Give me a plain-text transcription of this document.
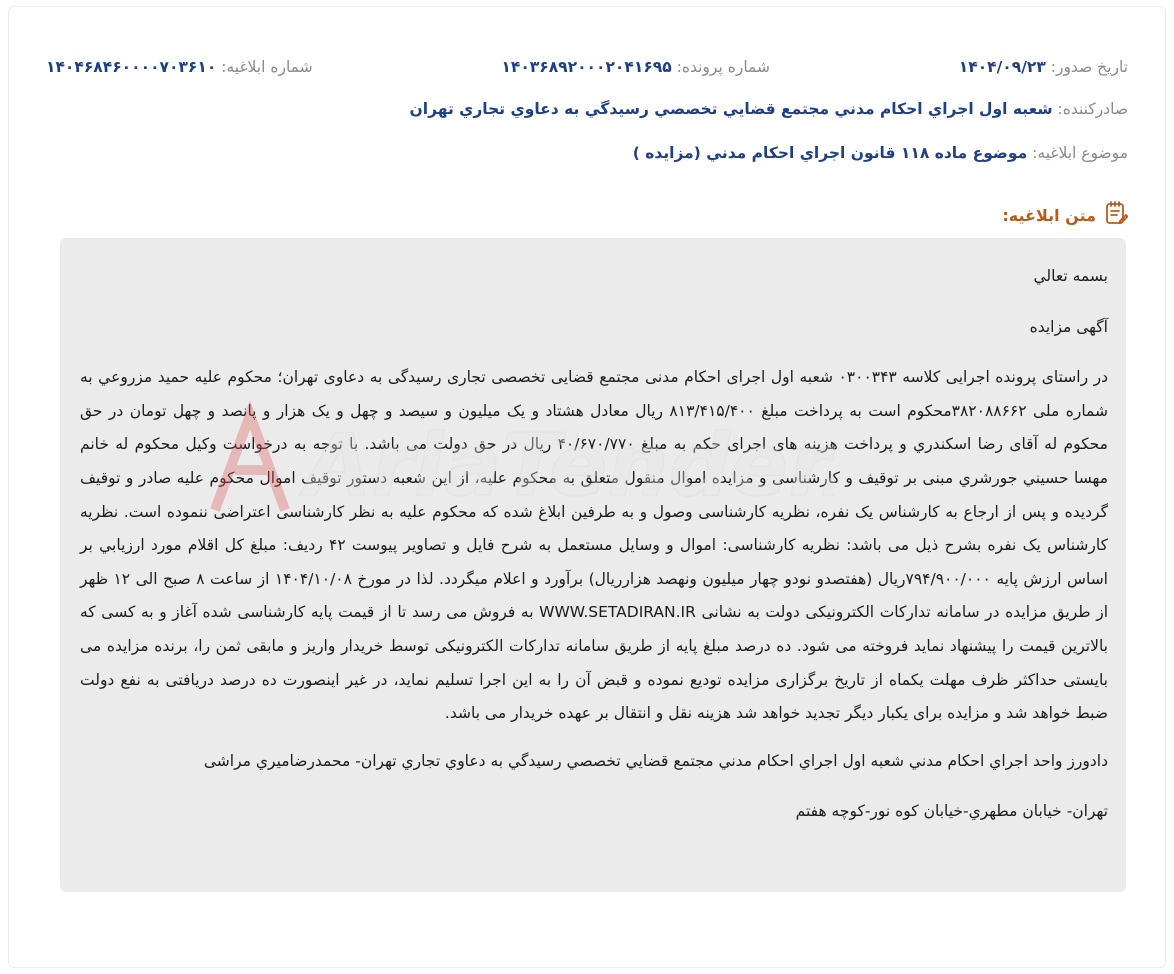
تاريخ صدور: ۱۴۰۴/۰۹/۲۳
شماره پرونده: ۱۴۰۳۶۸۹۲۰۰۰۲۰۴۱۶۹۵
شماره ابلاغيه: ۱۴۰۴۶۸۴۶۰۰۰۰۷۰۳۶۱۰
صادرکننده: شعبه اول اجراي احکام مدني مجتمع قضايي تخصصي رسيدگي به دعاوي تجاري تهران
موضوع ابلاغيه: موضوع ماده ۱۱۸ قانون اجراي احکام مدني (مزايده )
متن ابلاغيه:

بسمه تعالي

آگهی مزایده

در راستای پرونده اجرایی کلاسه ۰۳۰۰۳۴۳ شعبه اول اجرای احکام مدنی مجتمع قضایی تخصصی تجاری رسیدگی به دعاوی تهران؛ محکوم علیه حمید مزروعي به شماره ملی ۳۸۲۰۸۸۶۶۲محکوم است به پرداخت مبلغ ۸۱۳/۴۱۵/۴۰۰ ريال معادل هشتاد و یک میلیون و سیصد و چهل و یک هزار و پانصد و چهل تومان در حق محکوم له آقای رضا اسکندري و پرداخت هزینه های اجرای حکم به مبلغ ۴۰/۶۷۰/۷۷۰ ريال در حق دولت می باشد. با توجه به درخواست وکیل محکوم له خانم مهسا حسيني جورشري مبنی بر توقیف و کارشناسی و مزایده اموال منقول متعلق به محکوم علیه، از این شعبه دستور توقیف اموال محکوم علیه صادر و توقیف گردیده و پس از ارجاع به کارشناس یک نفره، نظریه کارشناسی وصول و به طرفین ابلاغ شده که محکوم علیه به نظر کارشناسی اعتراضی ننموده است. نظریه کارشناس یک نفره بشرح ذیل می باشد: نظریه کارشناسی: اموال و وسایل مستعمل به شرح فایل و تصاویر پیوست ۴۲ ردیف: مبلغ کل اقلام مورد ارزيابي بر اساس ارزش پایه ۷۹۴/۹۰۰/۰۰۰ريال (هفتصدو نودو چهار میلیون ونهصد هزارريال) برآورد و اعلام میگردد. لذا در مورخ ۱۴۰۴/۱۰/۰۸ از ساعت ۸ صبح الی ۱۲ ظهر از طریق مزایده در سامانه تدارکات الکترونیکی دولت به نشانی WWW.SETADIRAN.IR به فروش می رسد تا از قیمت پایه کارشناسی شده آغاز و به کسی که بالاترین قیمت را پیشنهاد نماید فروخته می شود. ده درصد مبلغ پایه از طریق سامانه تدارکات الکترونیکی توسط خریدار واریز و مابقی ثمن را، برنده مزایده می بایستی حداکثر ظرف مهلت یکماه از تاریخ برگزاری مزایده تودیع نموده و قبض آن را به این اجرا تسلیم نماید، در غیر اینصورت ده درصد دریافتی به نفع دولت ضبط خواهد شد و مزایده برای یکبار دیگر تجدید خواهد شد هزینه نقل و انتقال بر عهده خریدار می باشد.

دادورز واحد اجراي احکام مدني شعبه اول اجراي احکام مدني مجتمع قضايي تخصصي رسيدگي به دعاوي تجاري تهران- محمدرضاميري مراشی

تهران- خيابان مطهري-خيابان کوه نور-کوچه هفتم

AriaTender
